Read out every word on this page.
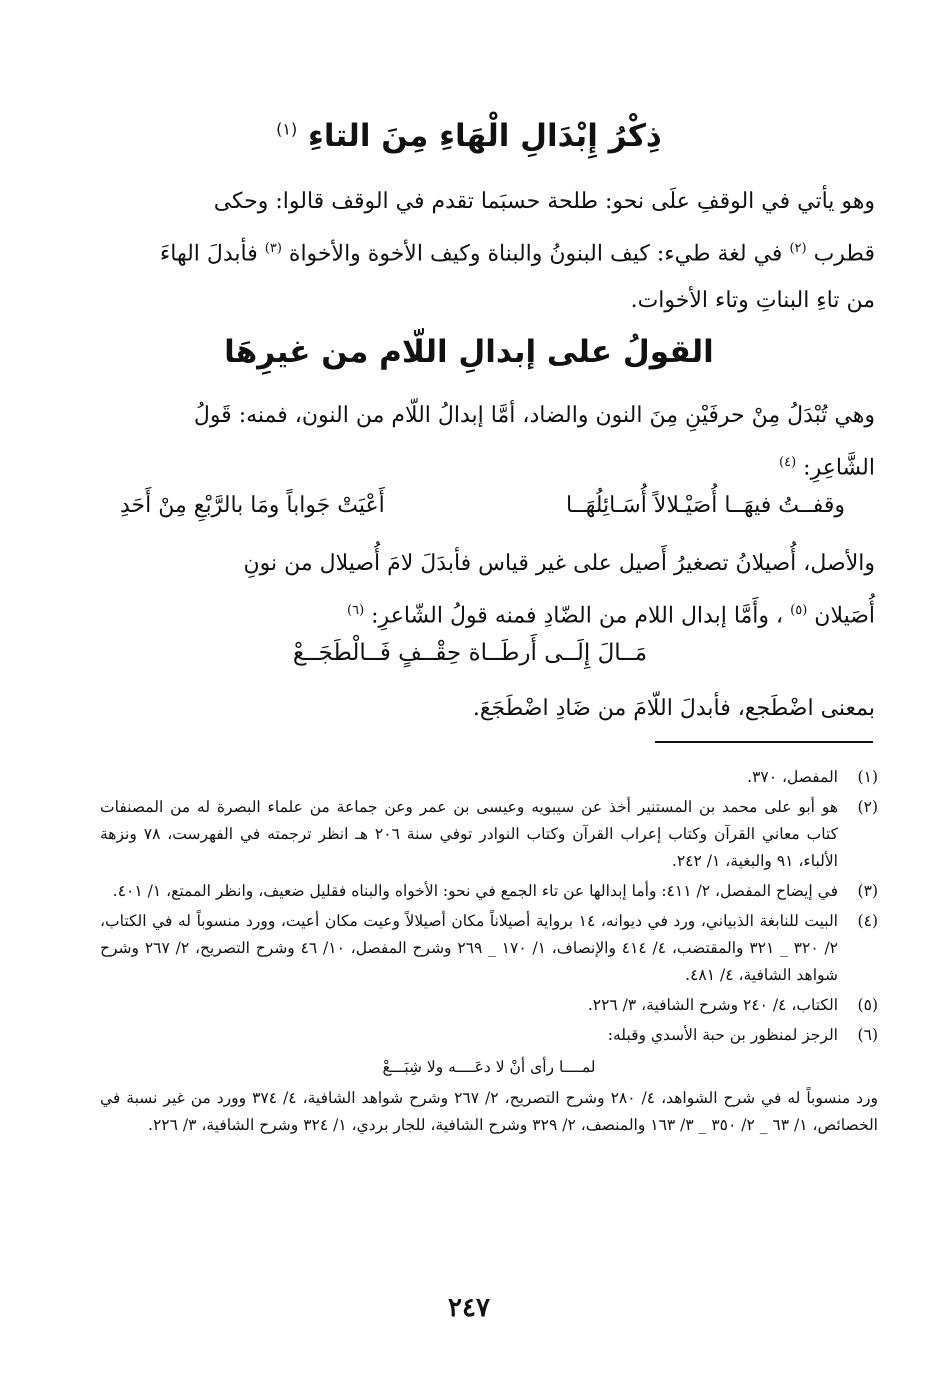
ذِكْرُ إِبْدَالِ الْهَاءِ مِنَ التاءِ $^{(١)}$
وهو يأتي في الوقفِ علَى نحو: طلحة حسبَما تقدم في الوقف قالوا: وحكى
قطرب $^{(٢)}$ في لغة طيء: كيف البنونُ والبناة وكيف الأخوة والأخواة $^{(٣)}$ فأبدلَ الهاءَ
من تاءِ البناتِ وتاء الأخوات.
القولُ على إبدالِ اللّام من غيرِهَا
وهي تُبْدَلُ مِنْ حرفَيْنِ مِنَ النون والضاد، أمَّا إبدالُ اللّام من النون، فمنه: قَولُ
الشَّاعِرِ: $^{(٤)}$
وقفــتُ فيهَــا أُصَيْـلالاً أُسَـائِلُهَــا
أَعْيَتْ جَواباً ومَا بالرَّبْعِ مِنْ أَحَدِ
والأصل، أُصيلانُ تصغيرُ أَصيل على غير قياس فأبدَلَ لامَ أُصيلال من نونِ
أُصَيلان $^{(٥)}$ ، وأَمَّا إبدال اللام من الضّادِ فمنه قولُ الشّاعرِ: $^{(٦)}$
مَــالَ إِلَــى أَرطَــاة حِقْــفٍ فَــالْطَجَــعْ
بمعنى اضْطَجع، فأبدلَ اللّامَ من ضَادِ اضْطَجَعَ.
(١)
المفصل، ٣٧٠.
(٢)
هو أبو على محمد بن المستنير أخذ عن سيبويه وعيسى بن عمر وعن جماعة من علماء البصرة له من المصنفات كتاب معاني القرآن وكتاب إعراب القرآن وكتاب النوادر توفي سنة ٢٠٦ هـ انظر ترجمته في الفهرست، ٧٨ ونزهة الألباء، ٩١ والبغية، ١/ ٢٤٢.
(٣)
في إيضاح المفصل، ٢/ ٤١١: وأما إبدالها عن تاء الجمع في نحو: الأخواه والبناه فقليل ضعيف، وانظر الممتع، ١/ ٤٠١.
(٤)
البيت للنابغة الذبياني، ورد في ديوانه، ١٤ برواية أصيلاناً مكان أصيلالاً وعيت مكان أعيت، وورد منسوباً له في الكتاب، ٢/ ٣٢٠ _ ٣٢١ والمقتضب، ٤/ ٤١٤ والإنصاف، ١/ ١٧٠ _ ٢٦٩ وشرح المفصل، ١٠/ ٤٦ وشرح التصريح، ٢/ ٢٦٧ وشرح شواهد الشافية، ٤/ ٤٨١.
(٥)
الكتاب، ٤/ ٢٤٠ وشرح الشافية، ٣/ ٢٢٦.
(٦)
الرجز لمنظور بن حبة الأسدي وقبله:
لمــــا رأى أنْ لا دعَــــه ولا شِبَـــعْ
ورد منسوباً له في شرح الشواهد، ٤/ ٢٨٠ وشرح التصريح، ٢/ ٢٦٧ وشرح شواهد الشافية، ٤/ ٣٧٤ وورد من غير نسبة في الخصائص، ١/ ٦٣ _ ٢/ ٣٥٠ _ ٣/ ١٦٣ والمنصف، ٢/ ٣٢٩ وشرح الشافية، للجار بردي، ١/ ٣٢٤ وشرح الشافية، ٣/ ٢٢٦.
٢٤٧
